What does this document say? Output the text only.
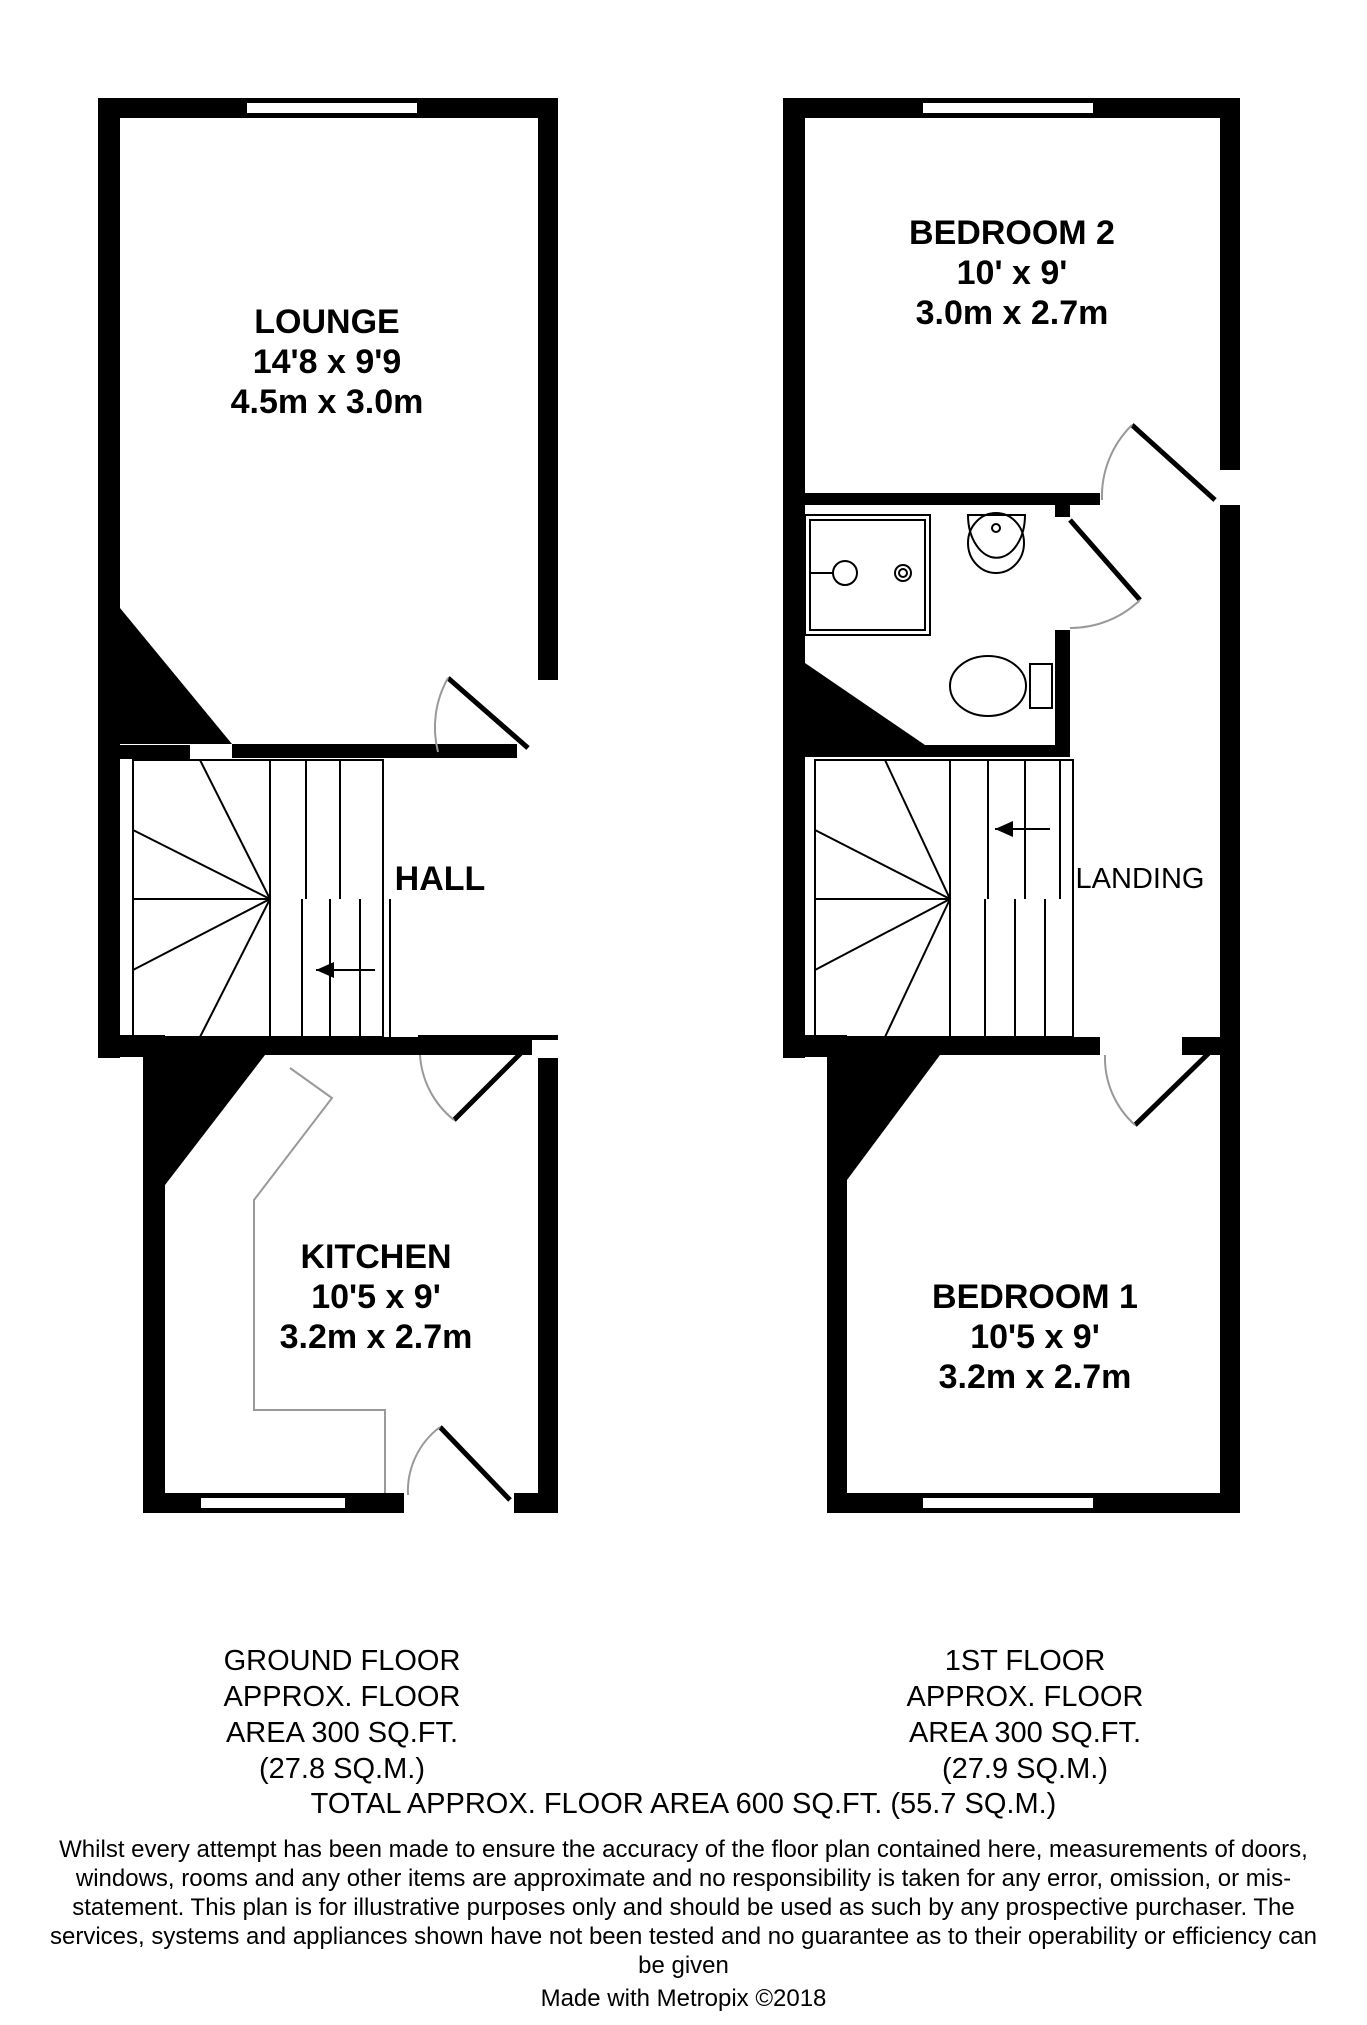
LOUNGE
14'8 x 9'9
4.5m x 3.0m
HALL
KITCHEN
10'5 x 9'
3.2m x 2.7m
BEDROOM 2
10' x 9'
3.0m x 2.7m
LANDING
BEDROOM 1
10'5 x 9'
3.2m x 2.7m
GROUND FLOOR
APPROX. FLOOR
AREA 300 SQ.FT.
(27.8 SQ.M.)
1ST FLOOR
APPROX. FLOOR
AREA 300 SQ.FT.
(27.9 SQ.M.)
TOTAL APPROX. FLOOR AREA 600 SQ.FT. (55.7 SQ.M.)
Whilst every attempt has been made to ensure the accuracy of the floor plan contained here, measurements of doors, windows, rooms and any other items are approximate and no responsibility is taken for any error, omission, or mis-statement. This plan is for illustrative purposes only and should be used as such by any prospective purchaser. The services, systems and appliances shown have not been tested and no guarantee as to their operability or efficiency can be given
Made with Metropix ©2018
